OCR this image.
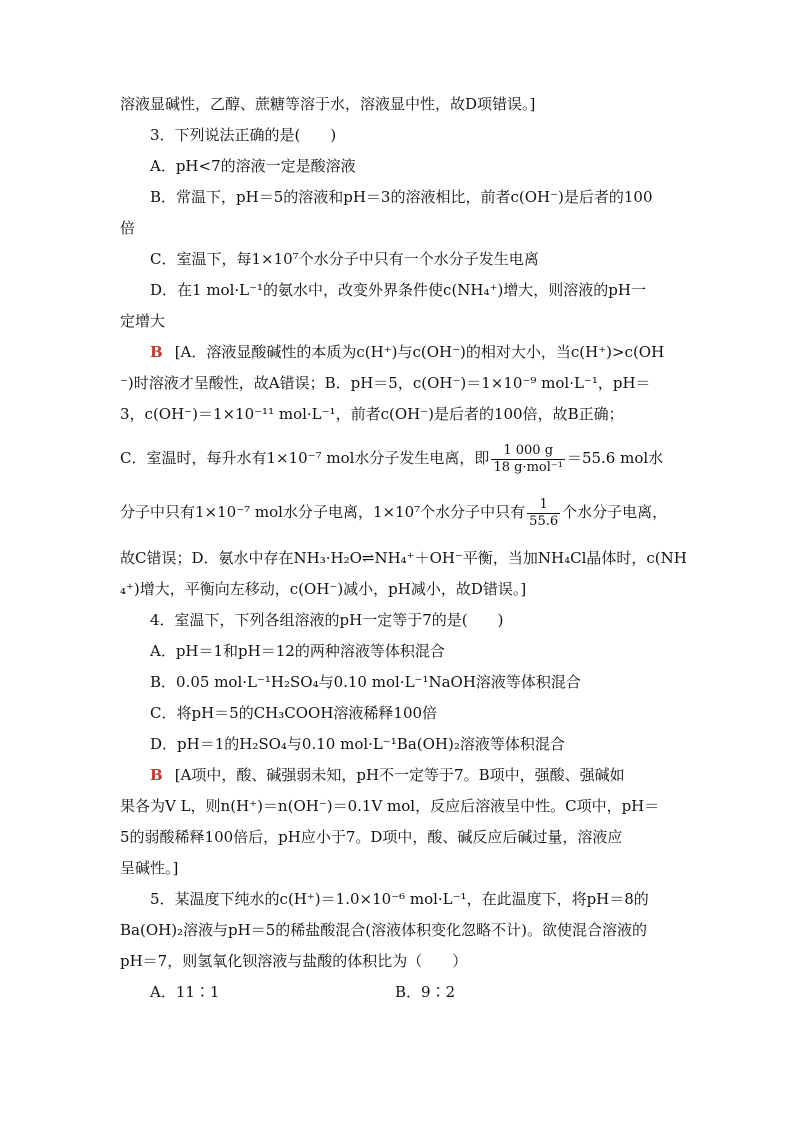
溶液显碱性，乙醇、蔗糖等溶于水，溶液显中性，故D项错误。]
3．下列说法正确的是(　　)
A．pH<7的溶液一定是酸溶液
B．常温下，pH＝5的溶液和pH＝3的溶液相比，前者c(OH⁻)是后者的100
倍
C．室温下，每1×10⁷个水分子中只有一个水分子发生电离
D．在1 mol·L⁻¹的氨水中，改变外界条件使c(NH₄⁺)增大，则溶液的pH一
定增大
B [A．溶液显酸碱性的本质为c(H⁺)与c(OH⁻)的相对大小，当c(H⁺)>c(OH
⁻)时溶液才呈酸性，故A错误；B．pH＝5，c(OH⁻)＝1×10⁻⁹ mol·L⁻¹，pH＝
3，c(OH⁻)＝1×10⁻¹¹ mol·L⁻¹，前者c(OH⁻)是后者的100倍，故B正确；
C．室温时，每升水有1×10⁻⁷ mol水分子发生电离，即 $\frac{1 000 g}{\text{18 g·mol⁻¹}} =55.6$ mol水
分子中只有1×10⁻⁷ mol水分子电离，1×10⁷个水分子中只有 $\frac{1}{55.6}$ 个水分子电离，
故C错误；D．氨水中存在NH₃·H₂O⇌NH₄⁺＋OH⁻平衡，当加NH₄Cl晶体时，c(NH
₄⁺)增大，平衡向左移动，c(OH⁻)减小，pH减小，故D错误。]
4．室温下，下列各组溶液的pH一定等于7的是(　　)
A．pH＝1和pH＝12的两种溶液等体积混合
B．0.05 mol·L⁻¹H₂SO₄与0.10 mol·L⁻¹NaOH溶液等体积混合
C．将pH＝5的CH₃COOH溶液稀释100倍
D．pH＝1的H₂SO₄与0.10 mol·L⁻¹Ba(OH)₂溶液等体积混合
B [A项中，酸、碱强弱未知，pH不一定等于7。B项中，强酸、强碱如
果各为V L，则n(H⁺)＝n(OH⁻)＝0.1V mol，反应后溶液呈中性。C项中，pH＝
5的弱酸稀释100倍后，pH应小于7。D项中，酸、碱反应后碱过量，溶液应
呈碱性。]
5．某温度下纯水的c(H⁺)＝1.0×10⁻⁶ mol·L⁻¹，在此温度下，将pH＝8的
Ba(OH)₂溶液与pH＝5的稀盐酸混合(溶液体积变化忽略不计)。欲使混合溶液的
pH＝7，则氢氧化钡溶液与盐酸的体积比为（　　）
A．11∶1	B．9∶2
